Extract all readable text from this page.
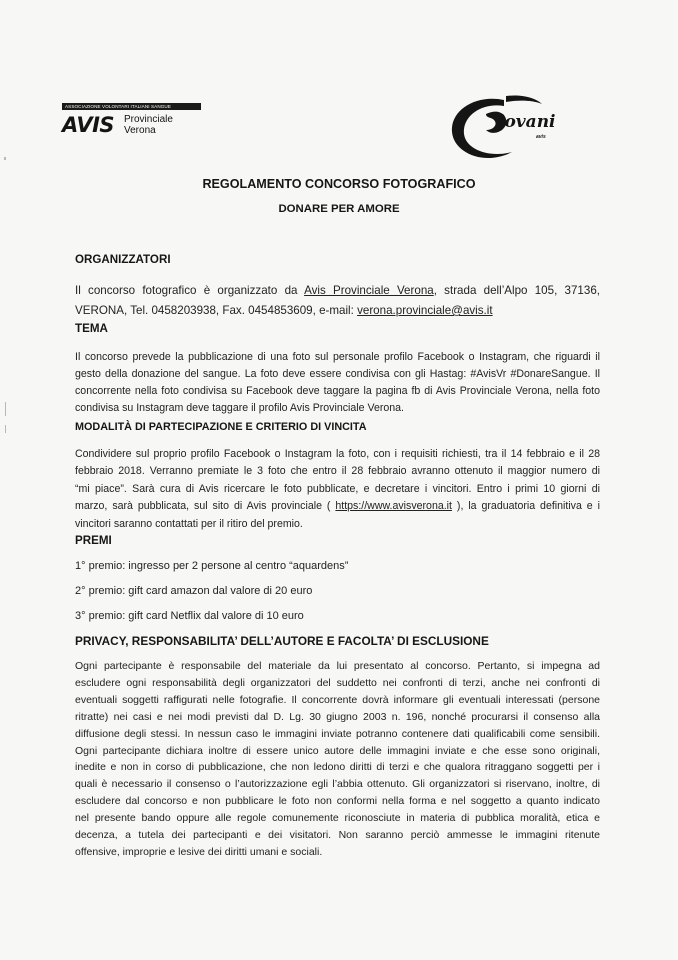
ASSOCIAZIONE VOLONTARI ITALIANI SANGUE
AVIS Provinciale
Verona	iovani
avis
REGOLAMENTO CONCORSO FOTOGRAFICO
DONARE PER AMORE
ORGANIZZATORI
Il concorso fotografico è organizzato da Avis Provinciale Verona, strada dell’Alpo 105, 37136,
VERONA, Tel. 0458203938, Fax. 0454853609, e-mail: verona.provinciale@avis.it
TEMA
Il concorso prevede la pubblicazione di una foto sul personale profilo Facebook o Instagram, che riguardi il
gesto della donazione del sangue. La foto deve essere condivisa con gli Hastag: #AvisVr #DonareSangue. Il
concorrente nella foto condivisa su Facebook deve taggare la pagina fb di Avis Provinciale Verona, nella foto
condivisa su Instagram deve taggare il profilo Avis Provinciale Verona.
MODALITÀ DI PARTECIPAZIONE E CRITERIO DI VINCITA
Condividere sul proprio profilo Facebook o Instagram la foto, con i requisiti richiesti, tra il 14 febbraio e il 28
febbraio 2018. Verranno premiate le 3 foto che entro il 28 febbraio avranno ottenuto il maggior numero di
“mi piace”. Sarà cura di Avis ricercare le foto pubblicate, e decretare i vincitori. Entro i primi 10 giorni di
marzo, sarà pubblicata, sul sito di Avis provinciale ( https://www.avisverona.it ), la graduatoria definitiva e i
vincitori saranno contattati per il ritiro del premio.
PREMI
1° premio: ingresso per 2 persone al centro “aquardens”
2° premio: gift card amazon dal valore di 20 euro
3° premio: gift card Netflix dal valore di 10 euro
PRIVACY, RESPONSABILITA’ DELL’AUTORE E FACOLTA’ DI ESCLUSIONE
Ogni partecipante è responsabile del materiale da lui presentato al concorso. Pertanto, si impegna ad
escludere ogni responsabilità degli organizzatori del suddetto nei confronti di terzi, anche nei confronti di
eventuali soggetti raffigurati nelle fotografie. Il concorrente dovrà informare gli eventuali interessati (persone
ritratte) nei casi e nei modi previsti dal D. Lg. 30 giugno 2003 n. 196, nonché procurarsi il consenso alla
diffusione degli stessi. In nessun caso le immagini inviate potranno contenere dati qualificabili come sensibili.
Ogni partecipante dichiara inoltre di essere unico autore delle immagini inviate e che esse sono originali,
inedite e non in corso di pubblicazione, che non ledono diritti di terzi e che qualora ritraggano soggetti per i
quali è necessario il consenso o l’autorizzazione egli l’abbia ottenuto. Gli organizzatori si riservano, inoltre, di
escludere dal concorso e non pubblicare le foto non conformi nella forma e nel soggetto a quanto indicato
nel presente bando oppure alle regole comunemente riconosciute in materia di pubblica moralità, etica e
decenza, a tutela dei partecipanti e dei visitatori. Non saranno perciò ammesse le immagini ritenute
offensive, improprie e lesive dei diritti umani e sociali.
